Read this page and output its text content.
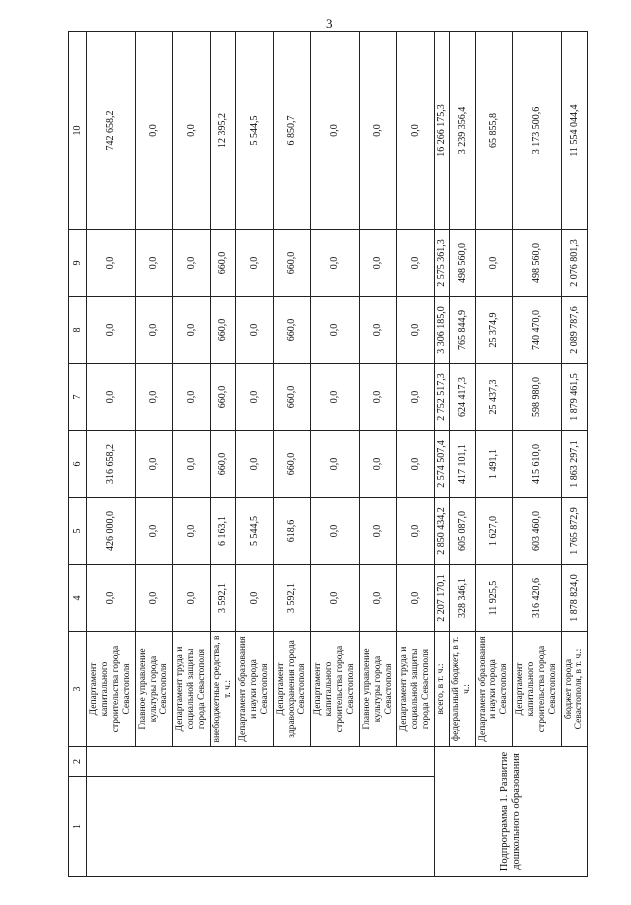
3
1	2	3	4	5	6	7	8	9	10
		Департамент капитального строительства города Севастополя	0,0	426 000,0	316 658,2	0,0	0,0	0,0	742 658,2
		Главное управление культуры города Севастополя	0,0	0,0	0,0	0,0	0,0	0,0	0,0
		Департамент труда и социальной защиты города Севастополя	0,0	0,0	0,0	0,0	0,0	0,0	0,0
		внебюджетные средства, в т. ч.:	3 592,1	6 163,1	660,0	660,0	660,0	660,0	12 395,2
		Департамент образования и науки города Севастополя	0,0	5 544,5	0,0	0,0	0,0	0,0	5 544,5
		Департамент здравоохранения города Севастополя	3 592,1	618,6	660,0	660,0	660,0	660,0	6 850,7
		Департамент капитального строительства города Севастополя	0,0	0,0	0,0	0,0	0,0	0,0	0,0
		Главное управление культуры города Севастополя	0,0	0,0	0,0	0,0	0,0	0,0	0,0
		Департамент труда и социальной защиты города Севастополя	0,0	0,0	0,0	0,0	0,0	0,0	0,0
Подпрограмма 1. Развитие дошкольного образования		всего, в т. ч.:	2 207 170,1	2 850 434,2	2 574 507,4	2 752 517,3	3 306 185,0	2 575 361,3	16 266 175,3
		федеральный бюджет, в т. ч.:	328 346,1	605 087,0	417 101,1	624 417,3	765 844,9	498 560,0	3 239 356,4
		Департамент образования и науки города Севастополя	11 925,5	1 627,0	1 491,1	25 437,3	25 374,9	0,0	65 855,8
		Департамент капитального строительства города Севастополя	316 420,6	603 460,0	415 610,0	598 980,0	740 470,0	498 560,0	3 173 500,6
		бюджет города Севастополя, в т. ч.:	1 878 824,0	1 765 872,9	1 863 297,1	1 879 461,5	2 089 787,6	2 076 801,3	11 554 044,4
